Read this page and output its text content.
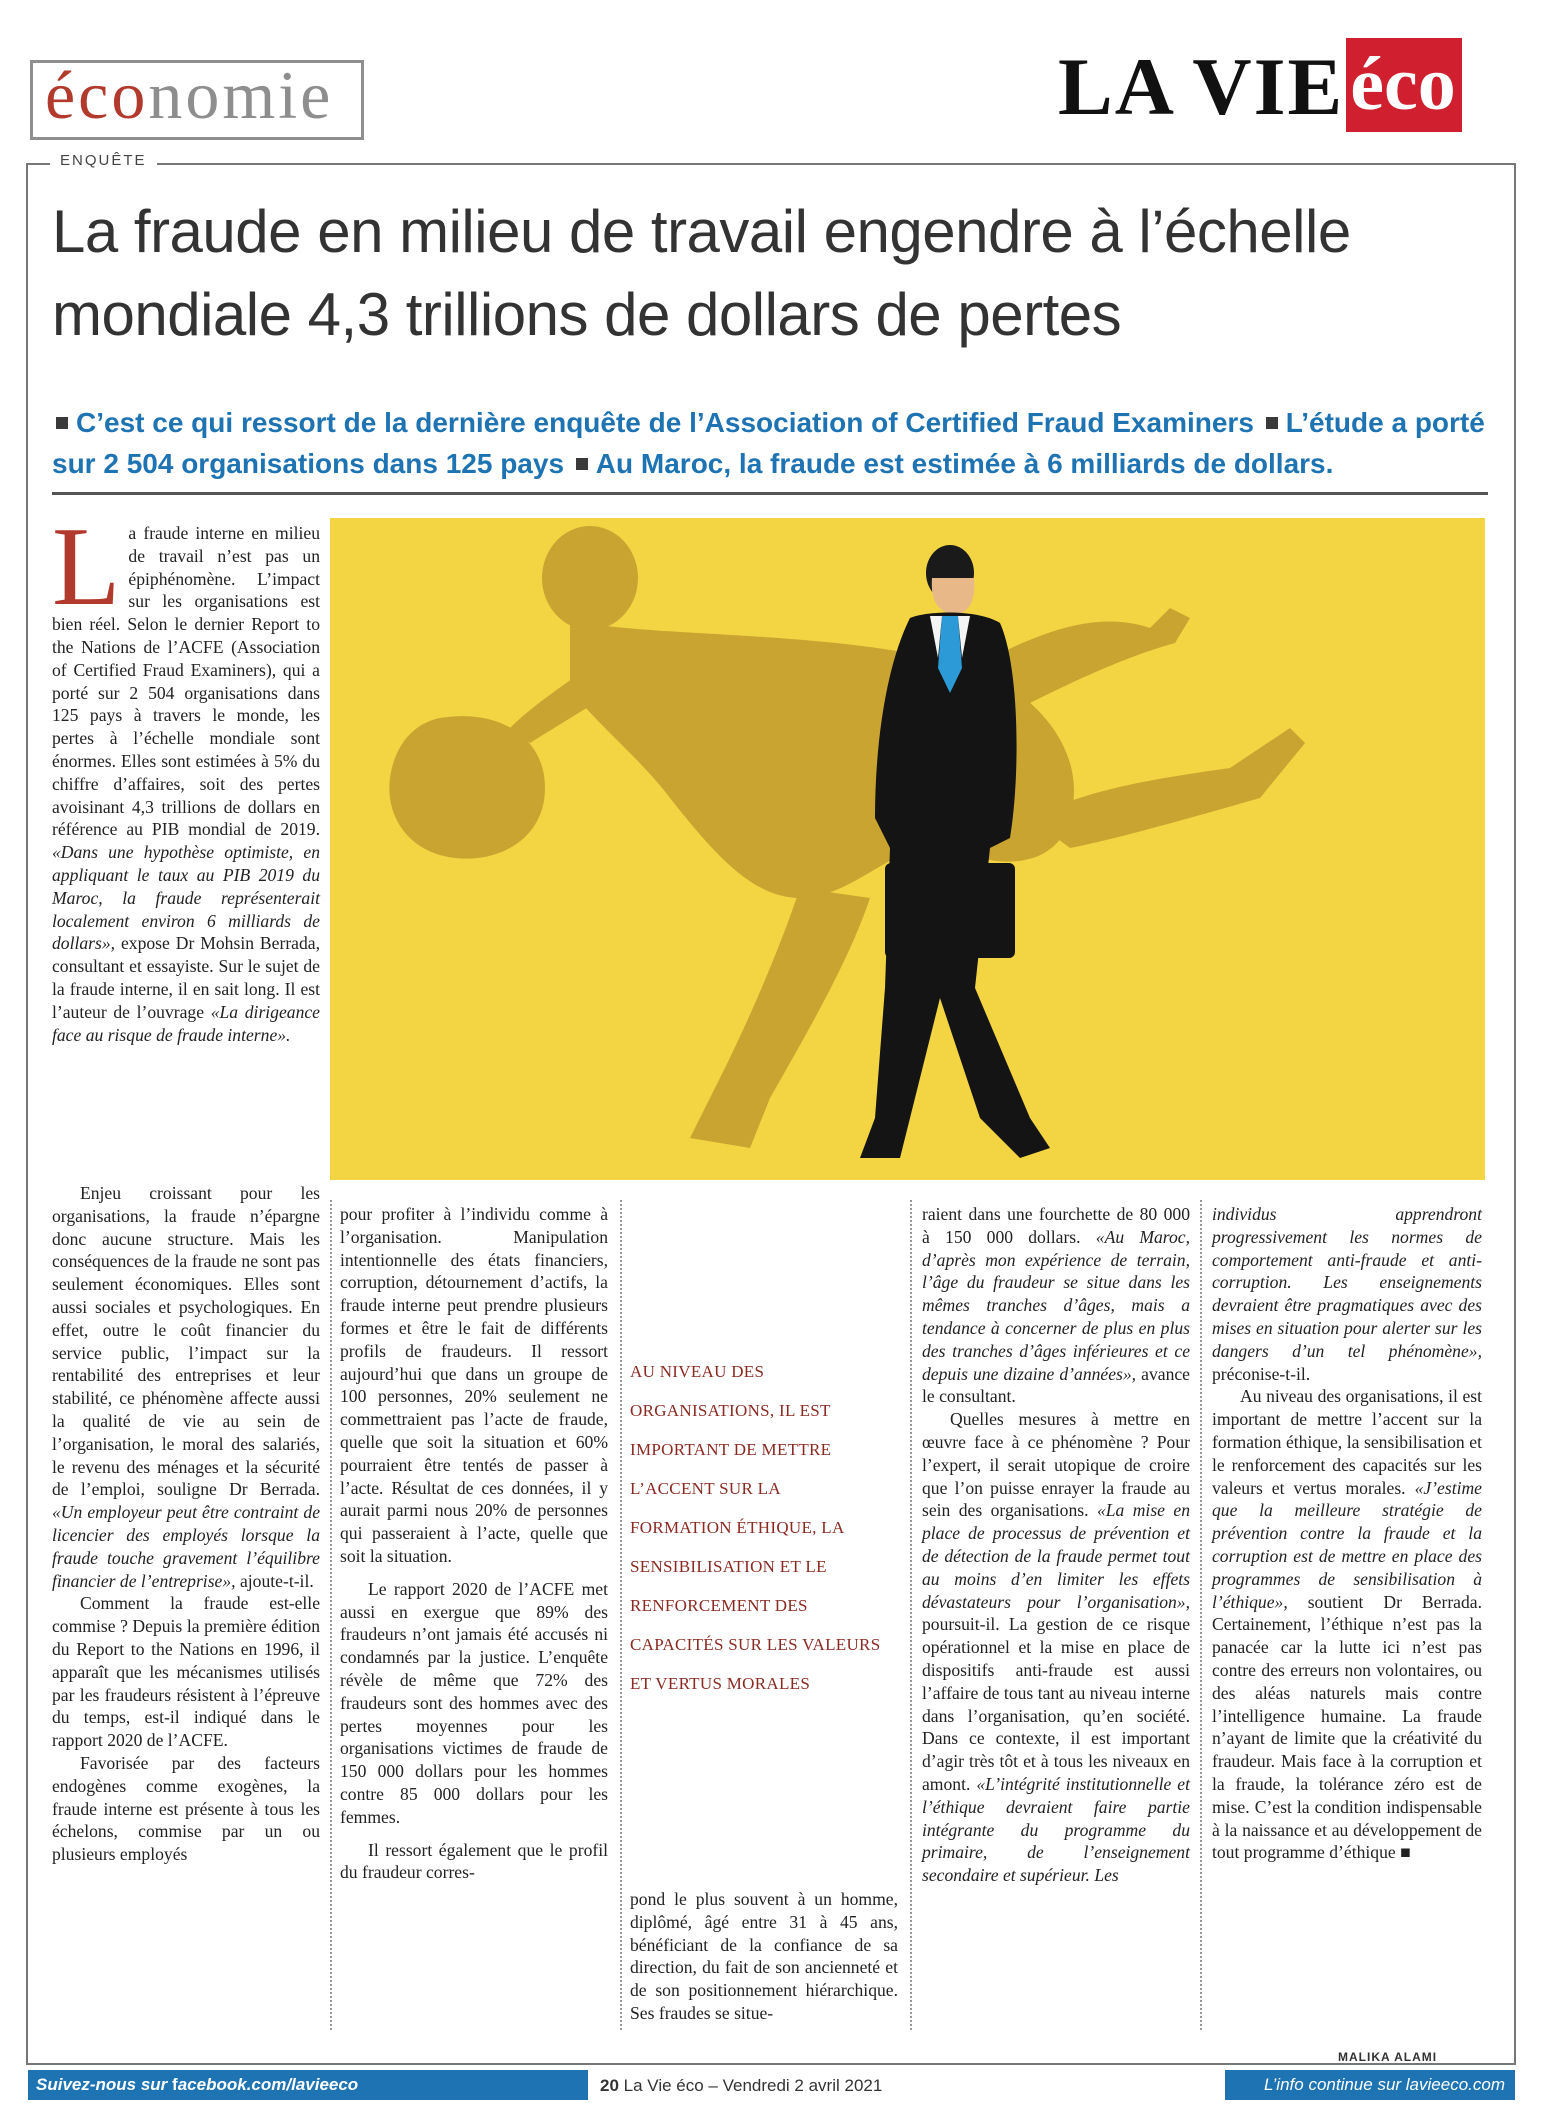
économie	LA VIE éco
ENQUÊTE
La fraude en milieu de travail engendre à l’échelle mondiale 4,3 trillions de dollars de pertes
C’est ce qui ressort de la dernière enquête de l’Association of Certified Fraud Examiners L’étude a porté sur 2 504 organisations dans 125 pays Au Maroc, la fraude est estimée à 6 milliards de dollars.
L a fraude interne en milieu de travail n’est pas un épiphénomène. L’impact sur les organisations est bien réel. Selon le dernier Report to the Nations de l’ACFE (Association of Certified Fraud Examiners), qui a porté sur 2 504 organisations dans 125 pays à travers le monde, les pertes à l’échelle mondiale sont énormes. Elles sont estimées à 5% du chiffre d’affaires, soit des pertes avoisinant 4,3 trillions de dollars en référence au PIB mondial de 2019. «Dans une hypothèse optimiste, en appliquant le taux au PIB 2019 du Maroc, la fraude représenterait localement environ 6 milliards de dollars», expose Dr Mohsin Berrada, consultant et essayiste. Sur le sujet de la fraude interne, il en sait long. Il est l’auteur de l’ouvrage «La dirigeance face au risque de fraude interne».

Enjeu croissant pour les organisations, la fraude n’épargne donc aucune structure. Mais les conséquences de la fraude ne sont pas seulement économiques. Elles sont aussi sociales et psychologiques. En effet, outre le coût financier du service public, l’impact sur la rentabilité des entreprises et leur stabilité, ce phénomène affecte aussi la qualité de vie au sein de l’organisation, le moral des salariés, le revenu des ménages et la sécurité de l’emploi, souligne Dr Berrada. «Un employeur peut être contraint de licencier des employés lorsque la fraude touche gravement l’équilibre financier de l’entreprise», ajoute-t-il.

Comment la fraude est-elle commise ? Depuis la première édition du Report to the Nations en 1996, il apparaît que les mécanismes utilisés par les fraudeurs résistent à l’épreuve du temps, est-il indiqué dans le rapport 2020 de l’ACFE.

Favorisée par des facteurs endogènes comme exogènes, la fraude interne est présente à tous les échelons, commise par un ou plusieurs employés

pour profiter à l’individu comme à l’organisation. Manipulation intentionnelle des états financiers, corruption, détournement d’actifs, la fraude interne peut prendre plusieurs formes et être le fait de différents profils de fraudeurs. Il ressort aujourd’hui que dans un groupe de 100 personnes, 20% seulement ne commettraient pas l’acte de fraude, quelle que soit la situation et 60% pourraient être tentés de passer à l’acte. Résultat de ces données, il y aurait parmi nous 20% de personnes qui passeraient à l’acte, quelle que soit la situation.

Le rapport 2020 de l’ACFE met aussi en exergue que 89% des fraudeurs n’ont jamais été accusés ni condamnés par la justice. L’enquête révèle de même que 72% des fraudeurs sont des hommes avec des pertes moyennes pour les organisations victimes de fraude de 150 000 dollars pour les hommes contre 85 000 dollars pour les femmes.

Il ressort également que le profil du fraudeur corres-

AU NIVEAU DES ORGANISATIONS, IL EST IMPORTANT DE METTRE L’ACCENT SUR LA FORMATION ÉTHIQUE, LA SENSIBILISATION ET LE RENFORCEMENT DES CAPACITÉS SUR LES VALEURS ET VERTUS MORALES

pond le plus souvent à un homme, diplômé, âgé entre 31 à 45 ans, bénéficiant de la confiance de sa direction, du fait de son ancienneté et de son positionnement hiérarchique. Ses fraudes se situe-

raient dans une fourchette de 80 000 à 150 000 dollars. «Au Maroc, d’après mon expérience de terrain, l’âge du fraudeur se situe dans les mêmes tranches d’âges, mais a tendance à concerner de plus en plus des tranches d’âges inférieures et ce depuis une dizaine d’années», avance le consultant.

Quelles mesures à mettre en œuvre face à ce phénomène ? Pour l’expert, il serait utopique de croire que l’on puisse enrayer la fraude au sein des organisations. «La mise en place de processus de prévention et de détection de la fraude permet tout au moins d’en limiter les effets dévastateurs pour l’organisation», poursuit-il. La gestion de ce risque opérationnel et la mise en place de dispositifs anti-fraude est aussi l’affaire de tous tant au niveau interne dans l’organisation, qu’en société. Dans ce contexte, il est important d’agir très tôt et à tous les niveaux en amont. «L’intégrité institutionnelle et l’éthique devraient faire partie intégrante du programme du primaire, de l’enseignement secondaire et supérieur. Les

individus apprendront progressivement les normes de comportement anti-fraude et anti-corruption. Les enseignements devraient être pragmatiques avec des mises en situation pour alerter sur les dangers d’un tel phénomène», préconise-t-il.

Au niveau des organisations, il est important de mettre l’accent sur la formation éthique, la sensibilisation et le renforcement des capacités sur les valeurs et vertus morales. «J’estime que la meilleure stratégie de prévention contre la fraude et la corruption est de mettre en place des programmes de sensibilisation à l’éthique», soutient Dr Berrada. Certainement, l’éthique n’est pas la panacée car la lutte ici n’est pas contre des erreurs non volontaires, ou des aléas naturels mais contre l’intelligence humaine. La fraude n’ayant de limite que la créativité du fraudeur. Mais face à la corruption et la fraude, la tolérance zéro est de mise. C’est la condition indispensable à la naissance et au développement de tout programme d’éthique ■

MALIKA ALAMI
Suivez-nous sur facebook.com/lavieeco	20 La Vie éco – Vendredi 2 avril 2021	L’info continue sur lavieeco.com
